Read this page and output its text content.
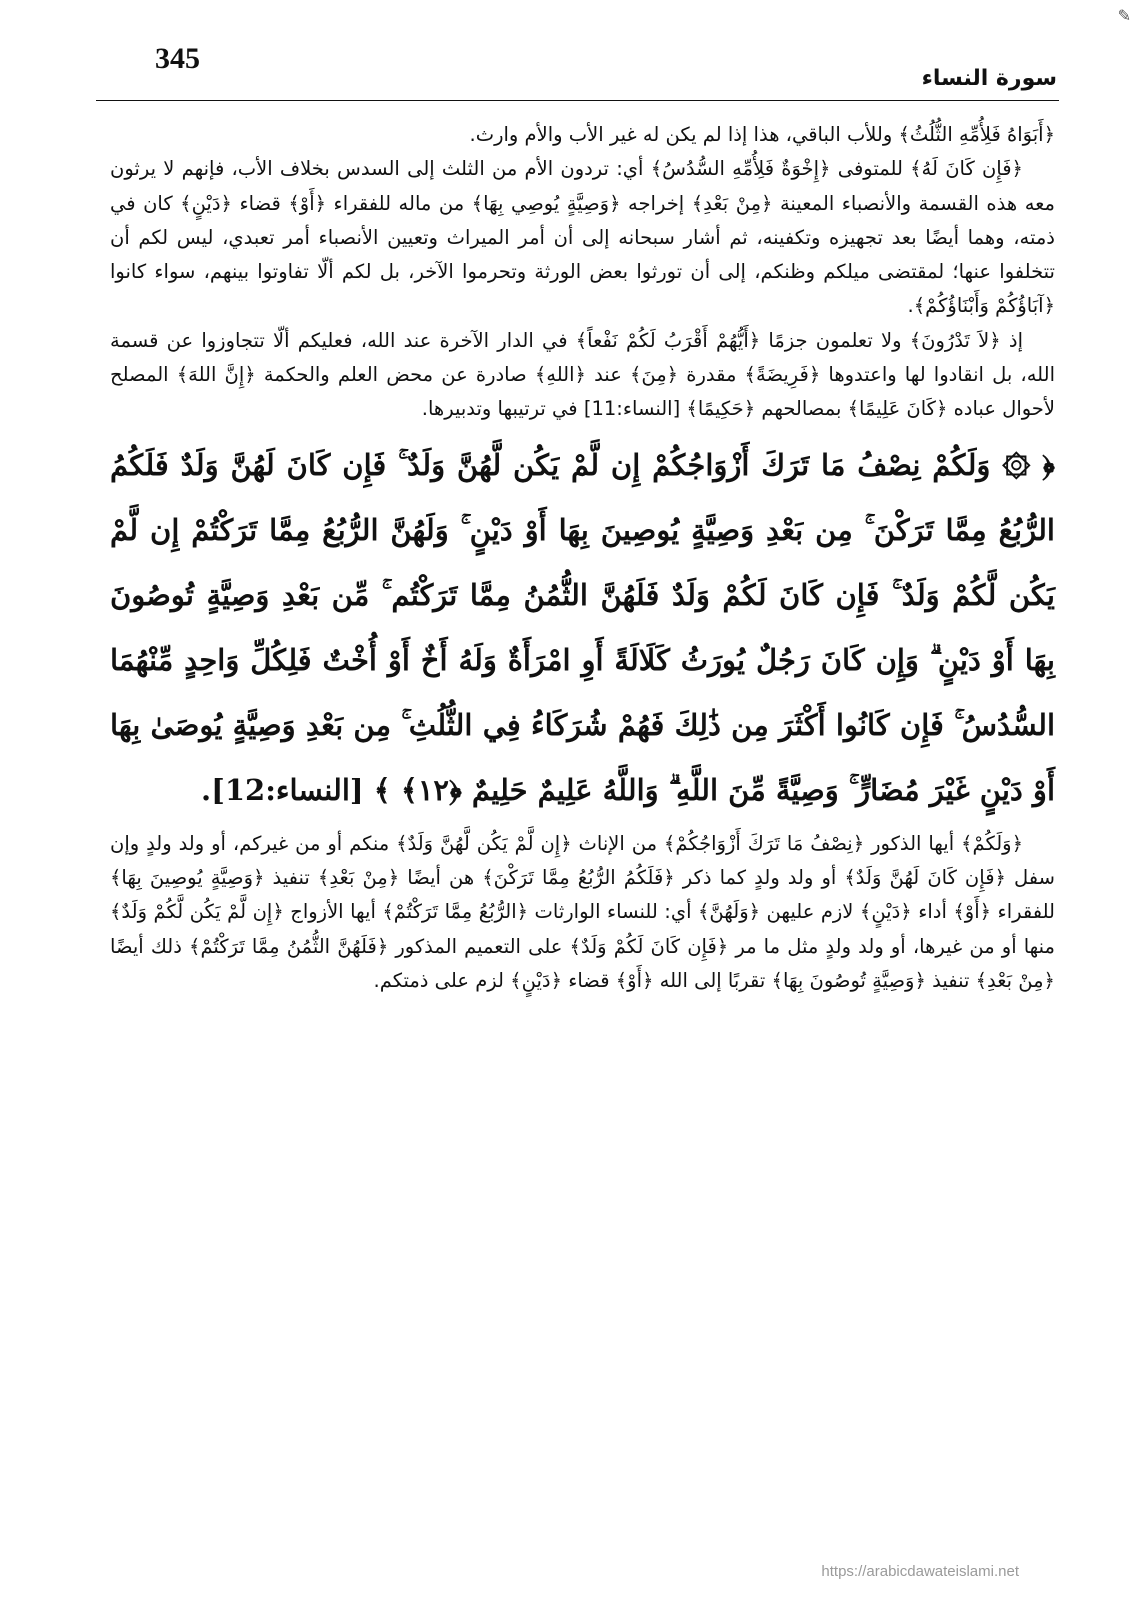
✎
345
سورة النساء

﴿أَبَوَاهُ فَلِأُمِّهِ الثُّلُثُ﴾ وللأب الباقي، هذا إذا لم يكن له غير الأب والأم وارث.

﴿فَإِن كَانَ لَهُ﴾ للمتوفى ﴿إِخْوَةٌ فَلِأُمِّهِ السُّدُسُ﴾ أي: تردون الأم من الثلث إلى السدس بخلاف الأب، فإنهم لا يرثون معه هذه القسمة والأنصباء المعينة ﴿مِنْ بَعْدِ﴾ إخراجه ﴿وَصِيَّةٍ يُوصِي بِهَا﴾ من ماله للفقراء ﴿أَوْ﴾ قضاء ﴿دَيْنٍ﴾ كان في ذمته، وهما أيضًا بعد تجهيزه وتكفينه، ثم أشار سبحانه إلى أن أمر الميراث وتعيين الأنصباء أمر تعبدي، ليس لكم أن تتخلفوا عنها؛ لمقتضى ميلكم وظنكم، إلى أن تورثوا بعض الورثة وتحرموا الآخر، بل لكم ألّا تفاوتوا بينهم، سواء كانوا ﴿آبَاؤُكُمْ وَأَبْنَاؤُكُمْ﴾.

إذ ﴿لاَ تَدْرُونَ﴾ ولا تعلمون جزمًا ﴿أَيُّهُمْ أَقْرَبُ لَكُمْ نَفْعاً﴾ في الدار الآخرة عند الله، فعليكم ألّا تتجاوزوا عن قسمة الله، بل انقادوا لها واعتدوها ﴿فَرِيضَةً﴾ مقدرة ﴿مِنَ﴾ عند ﴿اللهِ﴾ صادرة عن محض العلم والحكمة ﴿إِنَّ اللهَ﴾ المصلح لأحوال عباده ﴿كَانَ عَلِيمًا﴾ بمصالحهم ﴿حَكِيمًا﴾ [النساء:11] في ترتيبها وتدبيرها.

﴿ ۞ وَلَكُمْ نِصْفُ مَا تَرَكَ أَزْوَاجُكُمْ إِن لَّمْ يَكُن لَّهُنَّ وَلَدٌ ۚ فَإِن كَانَ لَهُنَّ وَلَدٌ فَلَكُمُ الرُّبُعُ مِمَّا تَرَكْنَ ۚ مِن بَعْدِ وَصِيَّةٍ يُوصِينَ بِهَا أَوْ دَيْنٍ ۚ وَلَهُنَّ الرُّبُعُ مِمَّا تَرَكْتُمْ إِن لَّمْ يَكُن لَّكُمْ وَلَدٌ ۚ فَإِن كَانَ لَكُمْ وَلَدٌ فَلَهُنَّ الثُّمُنُ مِمَّا تَرَكْتُم ۚ مِّن بَعْدِ وَصِيَّةٍ تُوصُونَ بِهَا أَوْ دَيْنٍ ۗ وَإِن كَانَ رَجُلٌ يُورَثُ كَلَالَةً أَوِ امْرَأَةٌ وَلَهُ أَخٌ أَوْ أُخْتٌ فَلِكُلِّ وَاحِدٍ مِّنْهُمَا السُّدُسُ ۚ فَإِن كَانُوا أَكْثَرَ مِن ذَٰلِكَ فَهُمْ شُرَكَاءُ فِي الثُّلُثِ ۚ مِن بَعْدِ وَصِيَّةٍ يُوصَىٰ بِهَا أَوْ دَيْنٍ غَيْرَ مُضَارٍّ ۚ وَصِيَّةً مِّنَ اللَّهِ ۗ وَاللَّهُ عَلِيمٌ حَلِيمٌ ﴿١٢﴾ ﴾ [النساء:12].

﴿وَلَكُمْ﴾ أيها الذكور ﴿نِصْفُ مَا تَرَكَ أَزْوَاجُكُمْ﴾ من الإناث ﴿إِن لَّمْ يَكُن لَّهُنَّ وَلَدٌ﴾ منكم أو من غيركم، أو ولد ولدٍ وإن سفل ﴿فَإِن كَانَ لَهُنَّ وَلَدٌ﴾ أو ولد ولدٍ كما ذكر ﴿فَلَكُمُ الرُّبُعُ مِمَّا تَرَكْنَ﴾ هن أيضًا ﴿مِنْ بَعْدِ﴾ تنفيذ ﴿وَصِيَّةٍ يُوصِينَ بِهَا﴾ للفقراء ﴿أَوْ﴾ أداء ﴿دَيْنٍ﴾ لازم عليهن ﴿وَلَهُنَّ﴾ أي: للنساء الوارثات ﴿الرُّبُعُ مِمَّا تَرَكْتُمْ﴾ أيها الأزواج ﴿إِن لَّمْ يَكُن لَّكُمْ وَلَدٌ﴾ منها أو من غيرها، أو ولد ولدٍ مثل ما مر ﴿فَإِن كَانَ لَكُمْ وَلَدٌ﴾ على التعميم المذكور ﴿فَلَهُنَّ الثُّمُنُ مِمَّا تَرَكْتُمْ﴾ ذلك أيضًا ﴿مِنْ بَعْدِ﴾ تنفيذ ﴿وَصِيَّةٍ تُوصُونَ بِهَا﴾ تقربًا إلى الله ﴿أَوْ﴾ قضاء ﴿دَيْنٍ﴾ لزم على ذمتكم.

https://arabicdawateislami.net
